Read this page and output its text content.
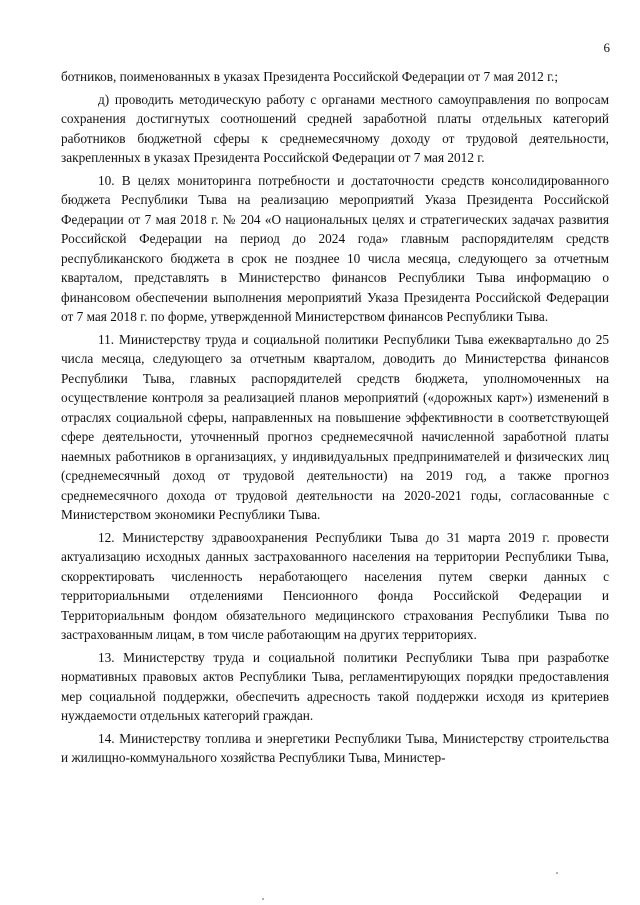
6

ботников, поименованных в указах Президента Российской Федерации от 7 мая 2012 г.;

д) проводить методическую работу с органами местного самоуправления по вопросам сохранения достигнутых соотношений средней заработной платы отдельных категорий работников бюджетной сферы к среднемесячному доходу от трудовой деятельности, закрепленных в указах Президента Российской Федерации от 7 мая 2012 г.

10. В целях мониторинга потребности и достаточности средств консолидированного бюджета Республики Тыва на реализацию мероприятий Указа Президента Российской Федерации от 7 мая 2018 г. № 204 «О национальных целях и стратегических задачах развития Российской Федерации на период до 2024 года» главным распорядителям средств республиканского бюджета в срок не позднее 10 числа месяца, следующего за отчетным кварталом, представлять в Министерство финансов Республики Тыва информацию о финансовом обеспечении выполнения мероприятий Указа Президента Российской Федерации от 7 мая 2018 г. по форме, утвержденной Министерством финансов Республики Тыва.

11. Министерству труда и социальной политики Республики Тыва ежеквартально до 25 числа месяца, следующего за отчетным кварталом, доводить до Министерства финансов Республики Тыва, главных распорядителей средств бюджета, уполномоченных на осуществление контроля за реализацией планов мероприятий («дорожных карт») изменений в отраслях социальной сферы, направленных на повышение эффективности в соответствующей сфере деятельности, уточненный прогноз среднемесячной начисленной заработной платы наемных работников в организациях, у индивидуальных предпринимателей и физических лиц (среднемесячный доход от трудовой деятельности) на 2019 год, а также прогноз среднемесячного дохода от трудовой деятельности на 2020-2021 годы, согласованные с Министерством экономики Республики Тыва.

12. Министерству здравоохранения Республики Тыва до 31 марта 2019 г. провести актуализацию исходных данных застрахованного населения на территории Республики Тыва, скорректировать численность неработающего населения путем сверки данных с территориальными отделениями Пенсионного фонда Российской Федерации и Территориальным фондом обязательного медицинского страхования Республики Тыва по застрахованным лицам, в том числе работающим на других территориях.

13. Министерству труда и социальной политики Республики Тыва при разработке нормативных правовых актов Республики Тыва, регламентирующих порядки предоставления мер социальной поддержки, обеспечить адресность такой поддержки исходя из критериев нуждаемости отдельных категорий граждан.

14. Министерству топлива и энергетики Республики Тыва, Министерству строительства и жилищно-коммунального хозяйства Республики Тыва, Министер-
